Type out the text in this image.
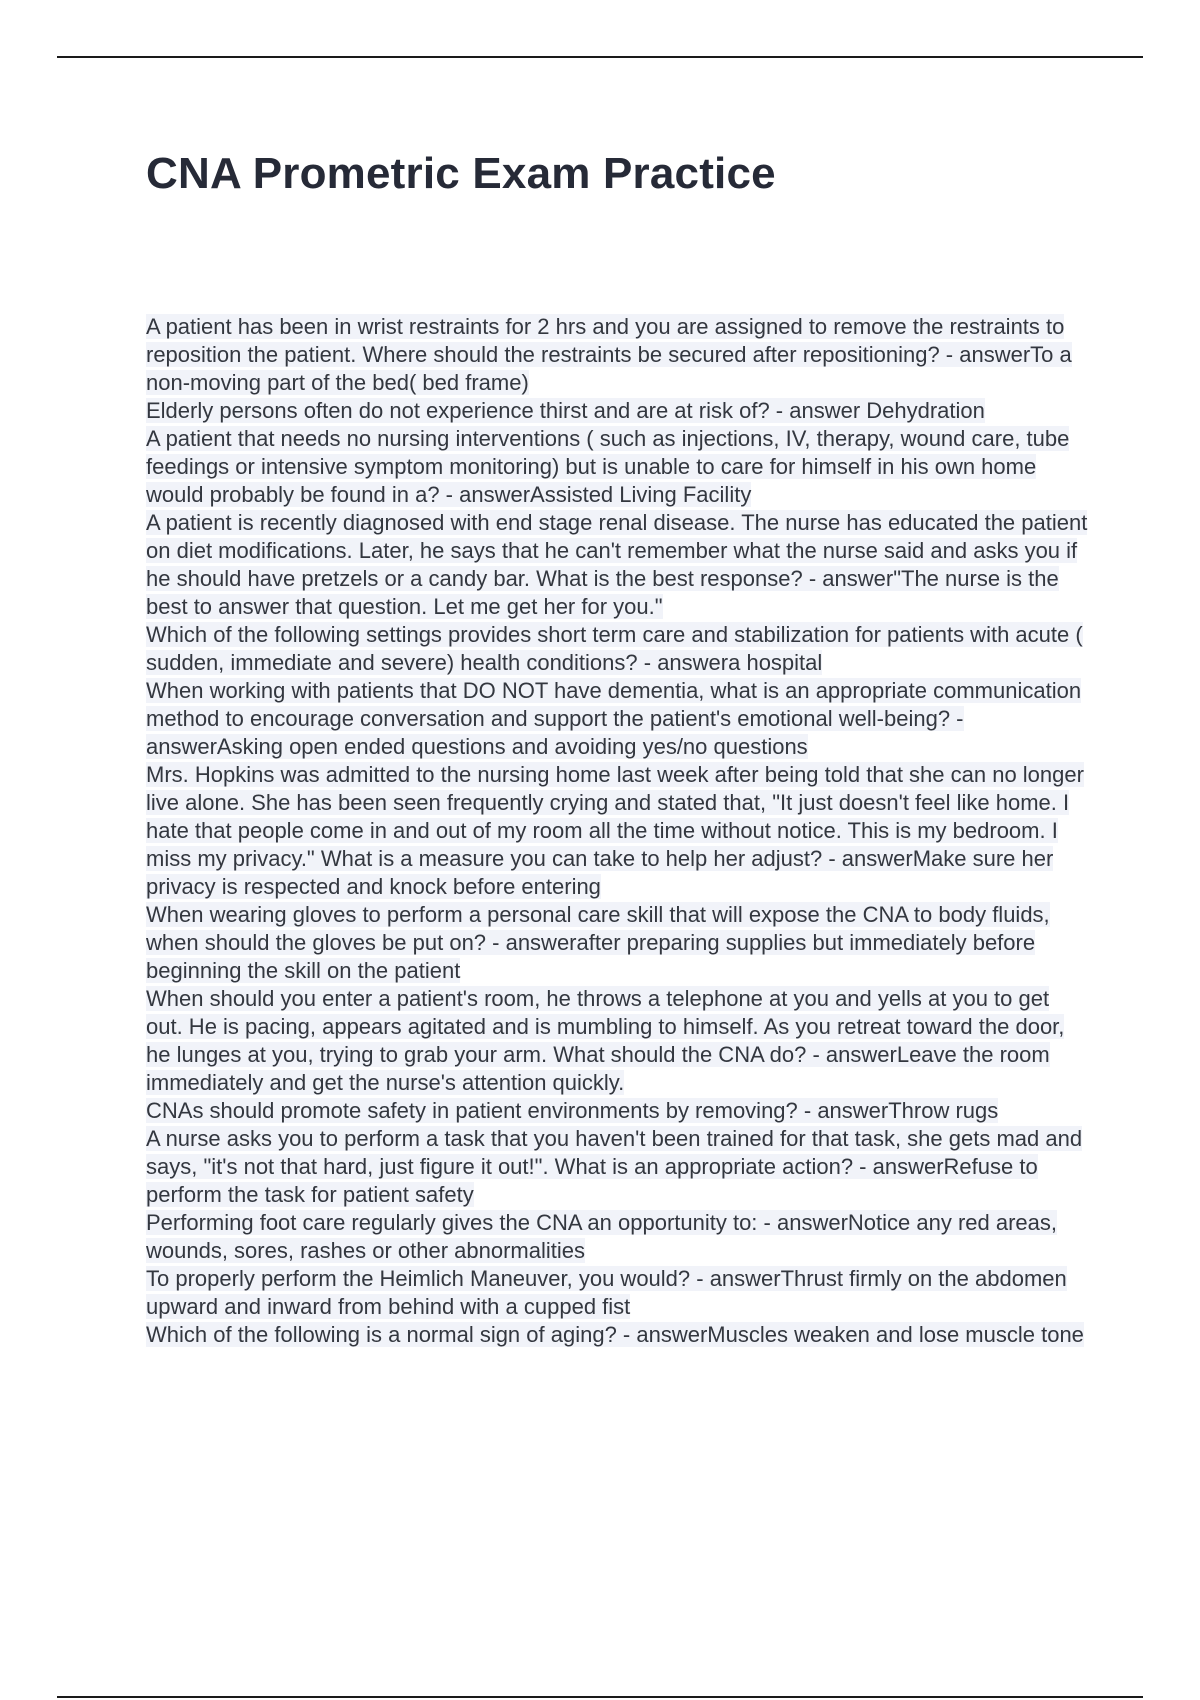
CNA Prometric Exam Practice
A patient has been in wrist restraints for 2 hrs and you are assigned to remove the restraints to reposition the patient. Where should the restraints be secured after repositioning? - answerTo a non-moving part of the bed( bed frame)
Elderly persons often do not experience thirst and are at risk of? - answer Dehydration
A patient that needs no nursing interventions ( such as injections, IV, therapy, wound care, tube feedings or intensive symptom monitoring) but is unable to care for himself in his own home would probably be found in a? - answerAssisted Living Facility
A patient is recently diagnosed with end stage renal disease. The nurse has educated the patient on diet modifications. Later, he says that he can't remember what the nurse said and asks you if he should have pretzels or a candy bar. What is the best response? - answer"The nurse is the best to answer that question. Let me get her for you."
Which of the following settings provides short term care and stabilization for patients with acute ( sudden, immediate and severe) health conditions? - answera hospital
When working with patients that DO NOT have dementia, what is an appropriate communication method to encourage conversation and support the patient's emotional well-being? - answerAsking open ended questions and avoiding yes/no questions
Mrs. Hopkins was admitted to the nursing home last week after being told that she can no longer live alone. She has been seen frequently crying and stated that, "It just doesn't feel like home. I hate that people come in and out of my room all the time without notice. This is my bedroom. I miss my privacy." What is a measure you can take to help her adjust? - answerMake sure her privacy is respected and knock before entering
When wearing gloves to perform a personal care skill that will expose the CNA to body fluids, when should the gloves be put on? - answerafter preparing supplies but immediately before beginning the skill on the patient
When should you enter a patient's room, he throws a telephone at you and yells at you to get out. He is pacing, appears agitated and is mumbling to himself. As you retreat toward the door, he lunges at you, trying to grab your arm. What should the CNA do? - answerLeave the room immediately and get the nurse's attention quickly.
CNAs should promote safety in patient environments by removing? - answerThrow rugs
A nurse asks you to perform a task that you haven't been trained for that task, she gets mad and says, "it's not that hard, just figure it out!". What is an appropriate action? - answerRefuse to perform the task for patient safety
Performing foot care regularly gives the CNA an opportunity to: - answerNotice any red areas, wounds, sores, rashes or other abnormalities
To properly perform the Heimlich Maneuver, you would? - answerThrust firmly on the abdomen upward and inward from behind with a cupped fist
Which of the following is a normal sign of aging? - answerMuscles weaken and lose muscle tone
